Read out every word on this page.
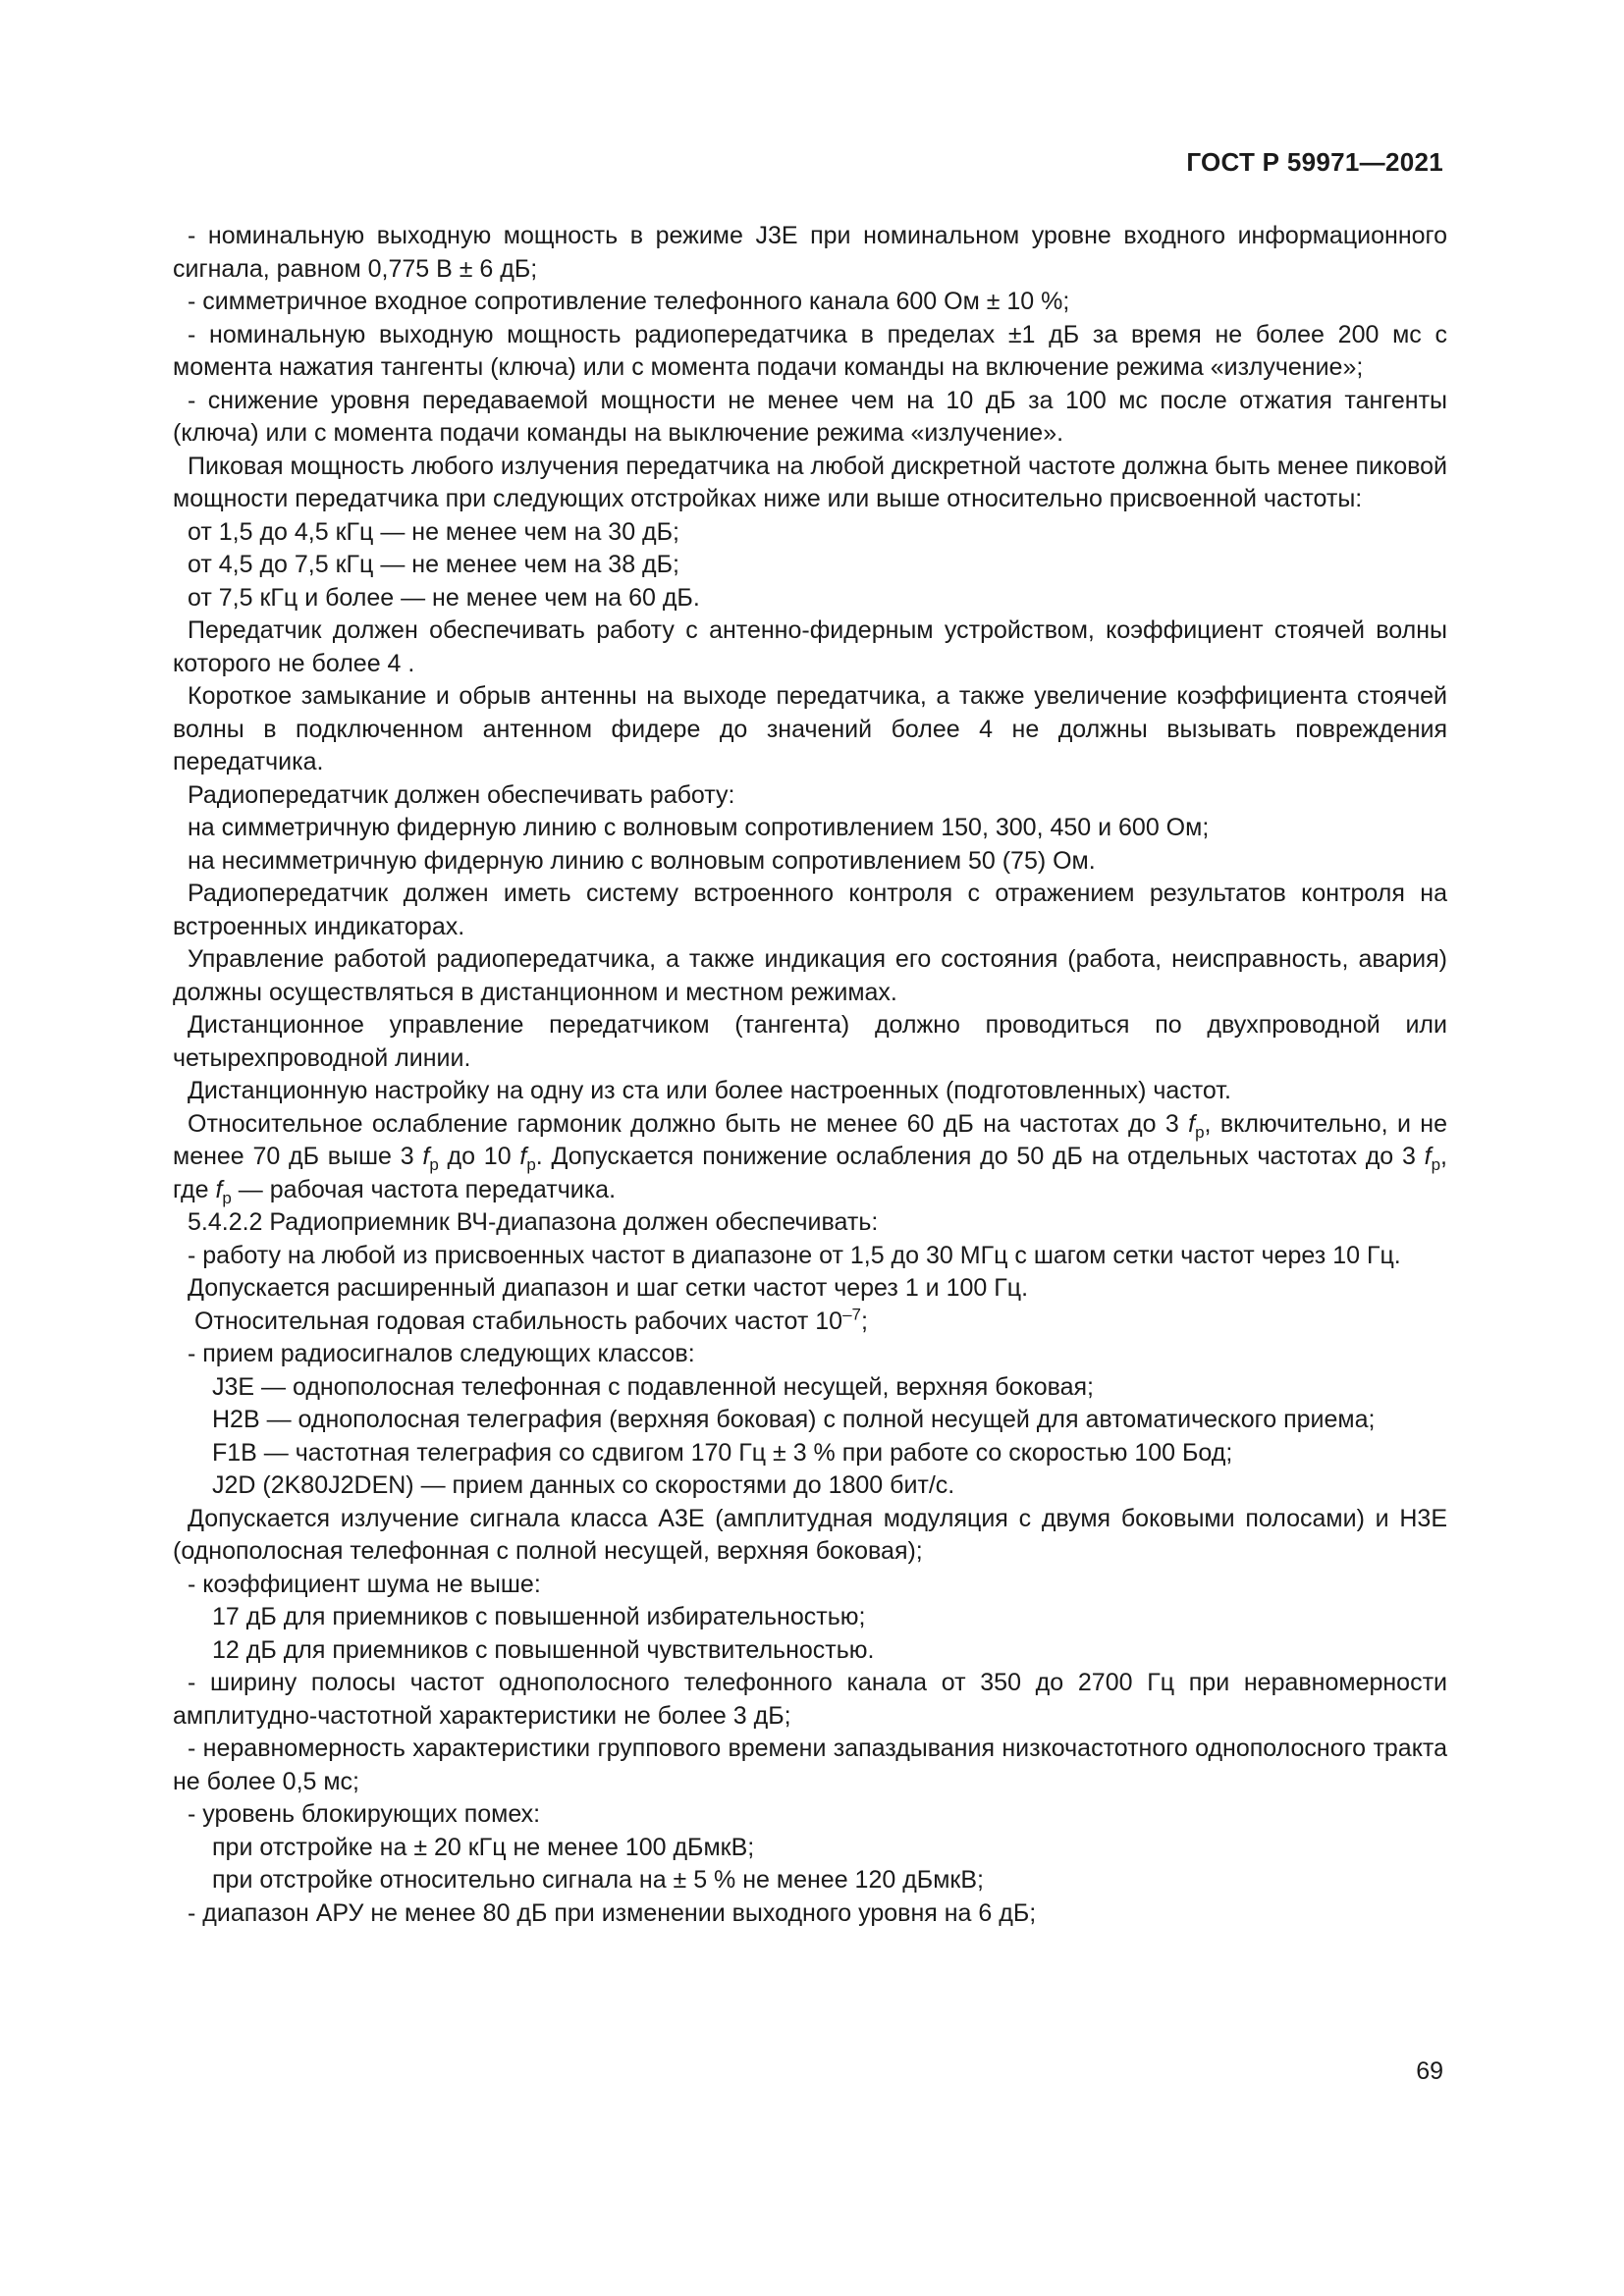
ГОСТ Р 59971—2021

- номинальную выходную мощность в режиме J3E при номинальном уровне входного информационного сигнала, равном 0,775 В ± 6 дБ;

- симметричное входное сопротивление телефонного канала 600 Ом ± 10 %;

- номинальную выходную мощность радиопередатчика в пределах ±1 дБ за время не более 200 мс с момента нажатия тангенты (ключа) или с момента подачи команды на включение режима «излучение»;

- снижение уровня передаваемой мощности не менее чем на 10 дБ за 100 мс после отжатия тангенты (ключа) или с момента подачи команды на выключение режима «излучение».

Пиковая мощность любого излучения передатчика на любой дискретной частоте должна быть менее пиковой мощности передатчика при следующих отстройках ниже или выше относительно присвоенной частоты:

от 1,5 до 4,5 кГц — не менее чем на 30 дБ;

от 4,5 до 7,5 кГц — не менее чем на 38 дБ;

от 7,5 кГц и более — не менее чем на 60 дБ.

Передатчик должен обеспечивать работу с антенно-фидерным устройством, коэффициент стоячей волны которого не более 4 .

Короткое замыкание и обрыв антенны на выходе передатчика, а также увеличение коэффициента стоячей волны в подключенном антенном фидере до значений более 4 не должны вызывать повреждения передатчика.

Радиопередатчик должен обеспечивать работу:

на симметричную фидерную линию с волновым сопротивлением 150, 300, 450 и 600 Ом;

на несимметричную фидерную линию с волновым сопротивлением 50 (75) Ом.

Радиопередатчик должен иметь систему встроенного контроля с отражением результатов контроля на встроенных индикаторах.

Управление работой радиопередатчика, а также индикация его состояния (работа, неисправность, авария) должны осуществляться в дистанционном и местном режимах.

Дистанционное управление передатчиком (тангента) должно проводиться по двухпроводной или четырехпроводной линии.

Дистанционную настройку на одну из ста или более настроенных (подготовленных) частот.

Относительное ослабление гармоник должно быть не менее 60 дБ на частотах до 3 $f_p$, включительно, и не менее 70 дБ выше 3 $f_p$ до 10 $f_p$. Допускается понижение ослабления до 50 дБ на отдельных частотах до 3 $f_p$, где $f_p$ — рабочая частота передатчика.

5.4.2.2 Радиоприемник ВЧ-диапазона должен обеспечивать:

- работу на любой из присвоенных частот в диапазоне от 1,5 до 30 МГц с шагом сетки частот через 10 Гц.

Допускается расширенный диапазон и шаг сетки частот через 1 и 100 Гц.

Относительная годовая стабильность рабочих частот $10^{-7}$;

- прием радиосигналов следующих классов:

J3E — однополосная телефонная с подавленной несущей, верхняя боковая;

H2B — однополосная телеграфия (верхняя боковая) с полной несущей для автоматического приема;

F1B — частотная телеграфия со сдвигом 170 Гц ± 3 % при работе со скоростью 100 Бод;

J2D (2K80J2DEN) — прием данных со скоростями до 1800 бит/с.

Допускается излучение сигнала класса A3E (амплитудная модуляция с двумя боковыми полосами) и H3E (однополосная телефонная с полной несущей, верхняя боковая);

- коэффициент шума не выше:

17 дБ для приемников с повышенной избирательностью;

12 дБ для приемников с повышенной чувствительностью.

- ширину полосы частот однополосного телефонного канала от 350 до 2700 Гц при неравномерности амплитудно-частотной характеристики не более 3 дБ;

- неравномерность характеристики группового времени запаздывания низкочастотного однополосного тракта не более 0,5 мс;

- уровень блокирующих помех:

при отстройке на ± 20 кГц не менее 100 дБмкВ;

при отстройке относительно сигнала на ± 5 % не менее 120 дБмкВ;

- диапазон АРУ не менее 80 дБ при изменении выходного уровня на 6 дБ;

69
